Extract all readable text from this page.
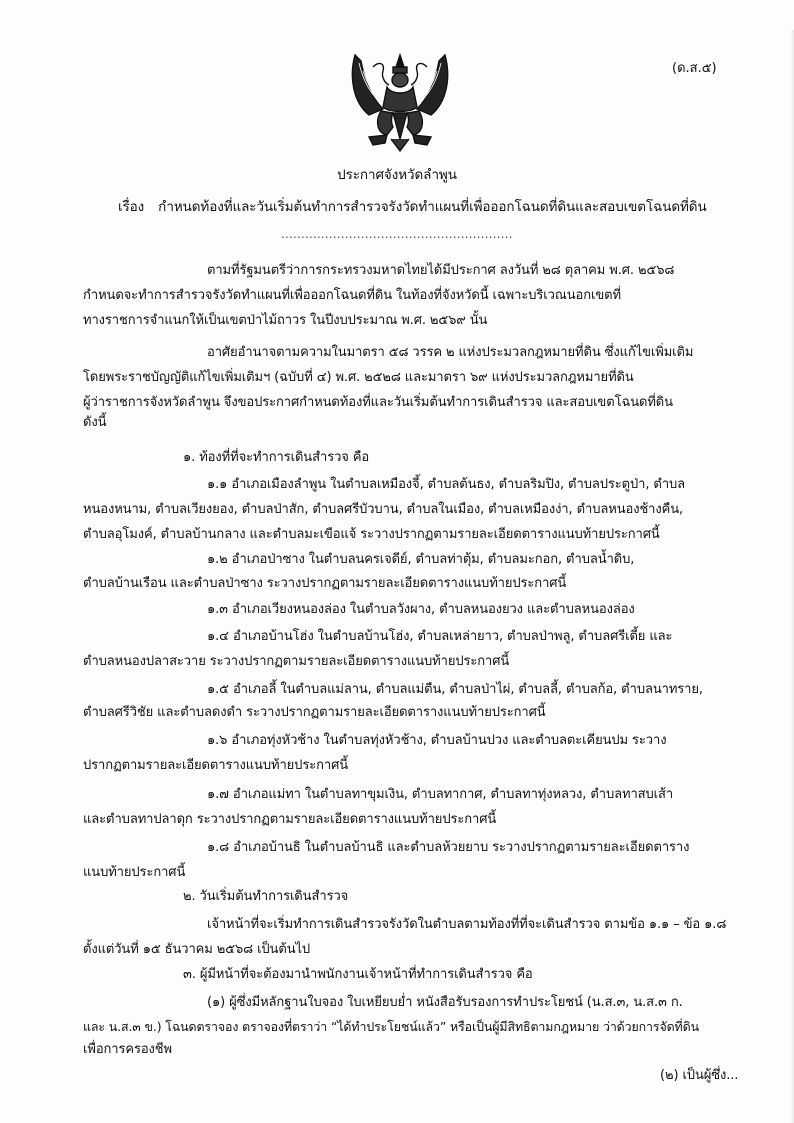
(ด.ส.๕)
ประกาศจังหวัดลำพูน
เรื่อง กำหนดท้องที่และวันเริ่มต้นทำการสำรวจรังวัดทำแผนที่เพื่อออกโฉนดที่ดินและสอบเขตโฉนดที่ดิน
..........................................................
ตามที่รัฐมนตรีว่าการกระทรวงมหาดไทยได้มีประกาศ ลงวันที่ ๒๘ ตุลาคม พ.ศ. ๒๕๖๘
กำหนดจะทำการสำรวจรังวัดทำแผนที่เพื่อออกโฉนดที่ดิน ในท้องที่จังหวัดนี้ เฉพาะบริเวณนอกเขตที่
ทางราชการจำแนกให้เป็นเขตป่าไม้ถาวร ในปีงบประมาณ พ.ศ. ๒๕๖๙ นั้น
อาศัยอำนาจตามความในมาตรา ๕๘ วรรค ๒ แห่งประมวลกฎหมายที่ดิน ซึ่งแก้ไขเพิ่มเติม
โดยพระราชบัญญัติแก้ไขเพิ่มเติมฯ (ฉบับที่ ๔) พ.ศ. ๒๕๒๘ และมาตรา ๖๙ แห่งประมวลกฎหมายที่ดิน
ผู้ว่าราชการจังหวัดลำพูน จึงขอประกาศกำหนดท้องที่และวันเริ่มต้นทำการเดินสำรวจ และสอบเขตโฉนดที่ดิน
ดังนี้
๑. ท้องที่ที่จะทำการเดินสำรวจ คือ
๑.๑ อำเภอเมืองลำพูน ในตำบลเหมืองจี้, ตำบลต้นธง, ตำบลริมปิง, ตำบลประตูป่า, ตำบล
หนองหนาม, ตำบลเวียงยอง, ตำบลป่าสัก, ตำบลศรีบัวบาน, ตำบลในเมือง, ตำบลเหมืองง่า, ตำบลหนองช้างคืน,
ตำบลอุโมงค์, ตำบลบ้านกลาง และตำบลมะเขือแจ้ ระวางปรากฏตามรายละเอียดตารางแนบท้ายประกาศนี้
๑.๒ อำเภอป่าซาง ในตำบลนครเจดีย์, ตำบลท่าตุ้ม, ตำบลมะกอก, ตำบลน้ำดิบ,
ตำบลบ้านเรือน และตำบลป่าซาง ระวางปรากฏตามรายละเอียดตารางแนบท้ายประกาศนี้
๑.๓ อำเภอเวียงหนองล่อง ในตำบลวังผาง, ตำบลหนองยวง และตำบลหนองล่อง
๑.๔ อำเภอบ้านโฮ่ง ในตำบลบ้านโฮ่ง, ตำบลเหล่ายาว, ตำบลป่าพลู, ตำบลศรีเตี้ย และ
ตำบลหนองปลาสะวาย ระวางปรากฏตามรายละเอียดตารางแนบท้ายประกาศนี้
๑.๕ อำเภอลี้ ในตำบลแม่ลาน, ตำบลแม่ตืน, ตำบลป่าไผ่, ตำบลลี้, ตำบลก้อ, ตำบลนาทราย,
ตำบลศรีวิชัย และตำบลดงดำ ระวางปรากฏตามรายละเอียดตารางแนบท้ายประกาศนี้
๑.๖ อำเภอทุ่งหัวช้าง ในตำบลทุ่งหัวช้าง, ตำบลบ้านปวง และตำบลตะเคียนปม ระวาง
ปรากฏตามรายละเอียดตารางแนบท้ายประกาศนี้
๑.๗ อำเภอแม่ทา ในตำบลทาขุมเงิน, ตำบลทากาศ, ตำบลทาทุ่งหลวง, ตำบลทาสบเส้า
และตำบลทาปลาดุก ระวางปรากฏตามรายละเอียดตารางแนบท้ายประกาศนี้
๑.๘ อำเภอบ้านธิ ในตำบลบ้านธิ และตำบลห้วยยาบ ระวางปรากฏตามรายละเอียดตาราง
แนบท้ายประกาศนี้
๒. วันเริ่มต้นทำการเดินสำรวจ
เจ้าหน้าที่จะเริ่มทำการเดินสำรวจรังวัดในตำบลตามท้องที่ที่จะเดินสำรวจ ตามข้อ ๑.๑ – ข้อ ๑.๘
ตั้งแต่วันที่ ๑๕ ธันวาคม ๒๕๖๘ เป็นต้นไป
๓. ผู้มีหน้าที่จะต้องมานำพนักงานเจ้าหน้าที่ทำการเดินสำรวจ คือ
(๑) ผู้ซึ่งมีหลักฐานใบจอง ใบเหยียบย่ำ หนังสือรับรองการทำประโยชน์ (น.ส.๓, น.ส.๓ ก.
และ น.ส.๓ ข.) โฉนดตราจอง ตราจองที่ตราว่า “ได้ทำประโยชน์แล้ว” หรือเป็นผู้มีสิทธิตามกฎหมาย ว่าด้วยการจัดที่ดิน
เพื่อการครองชีพ
(๒) เป็นผู้ซึ่ง...
